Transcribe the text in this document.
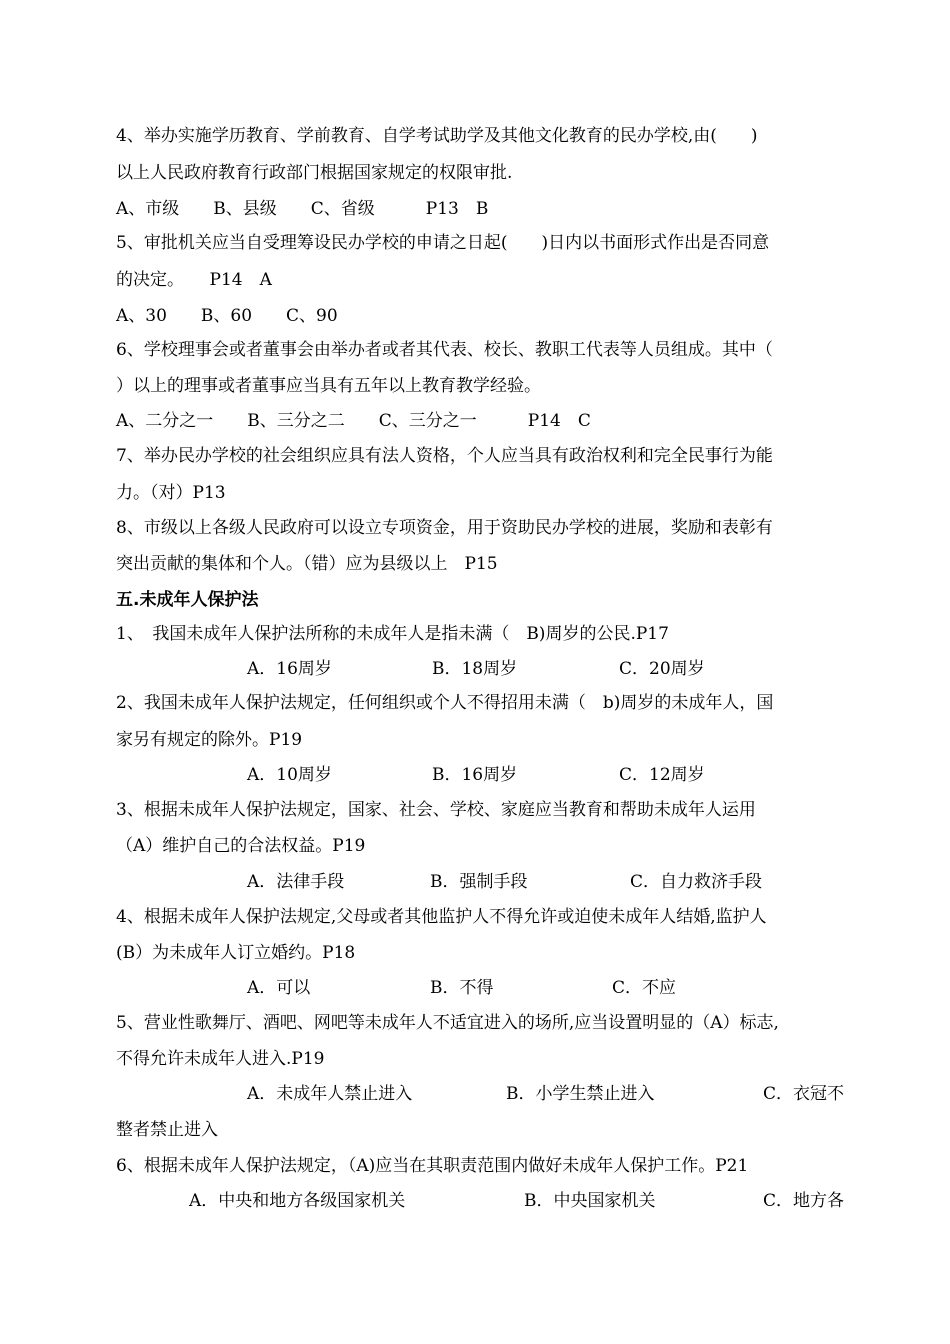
4、举办实施学历教育、学前教育、自学考试助学及其他文化教育的民办学校,由(　　)
以上人民政府教育行政部门根据国家规定的权限审批.
A、市级　　B、县级　　C、省级　　　P13　B
5、审批机关应当自受理筹设民办学校的申请之日起(　　)日内以书面形式作出是否同意
的决定。　　P14　A
A、30　　B、60　　C、90
6、学校理事会或者董事会由举办者或者其代表、校长、教职工代表等人员组成。其中（
）以上的理事或者董事应当具有五年以上教育教学经验。
A、二分之一　　B、三分之二　　C、三分之一　　　P14　C
7、举办民办学校的社会组织应具有法人资格，个人应当具有政治权利和完全民事行为能
力。（对）P13
8、市级以上各级人民政府可以设立专项资金，用于资助民办学校的进展，奖励和表彰有
突出贡献的集体和个人。（错）应为县级以上　P15
五.未成年人保护法
1、　我国未成年人保护法所称的未成年人是指未满（　B)周岁的公民.P17
A．16周岁	B．18周岁	C．20周岁
2、我国未成年人保护法规定，任何组织或个人不得招用未满（　b)周岁的未成年人，国
家另有规定的除外。P19
A．10周岁	B．16周岁	C．12周岁
3、根据未成年人保护法规定，国家、社会、学校、家庭应当教育和帮助未成年人运用
（A）维护自己的合法权益。P19
A．法律手段	B．强制手段	C．自力救济手段
4、根据未成年人保护法规定,父母或者其他监护人不得允许或迫使未成年人结婚,监护人
(B）为未成年人订立婚约。P18
A．可以	B．不得	C．不应
5、营业性歌舞厅、酒吧、网吧等未成年人不适宜进入的场所,应当设置明显的（A）标志,
不得允许未成年人进入.P19
A．未成年人禁止进入	B．小学生禁止进入	C．衣冠不
整者禁止进入
6、根据未成年人保护法规定，（A)应当在其职责范围内做好未成年人保护工作。P21
A．中央和地方各级国家机关	B．中央国家机关	C．地方各
